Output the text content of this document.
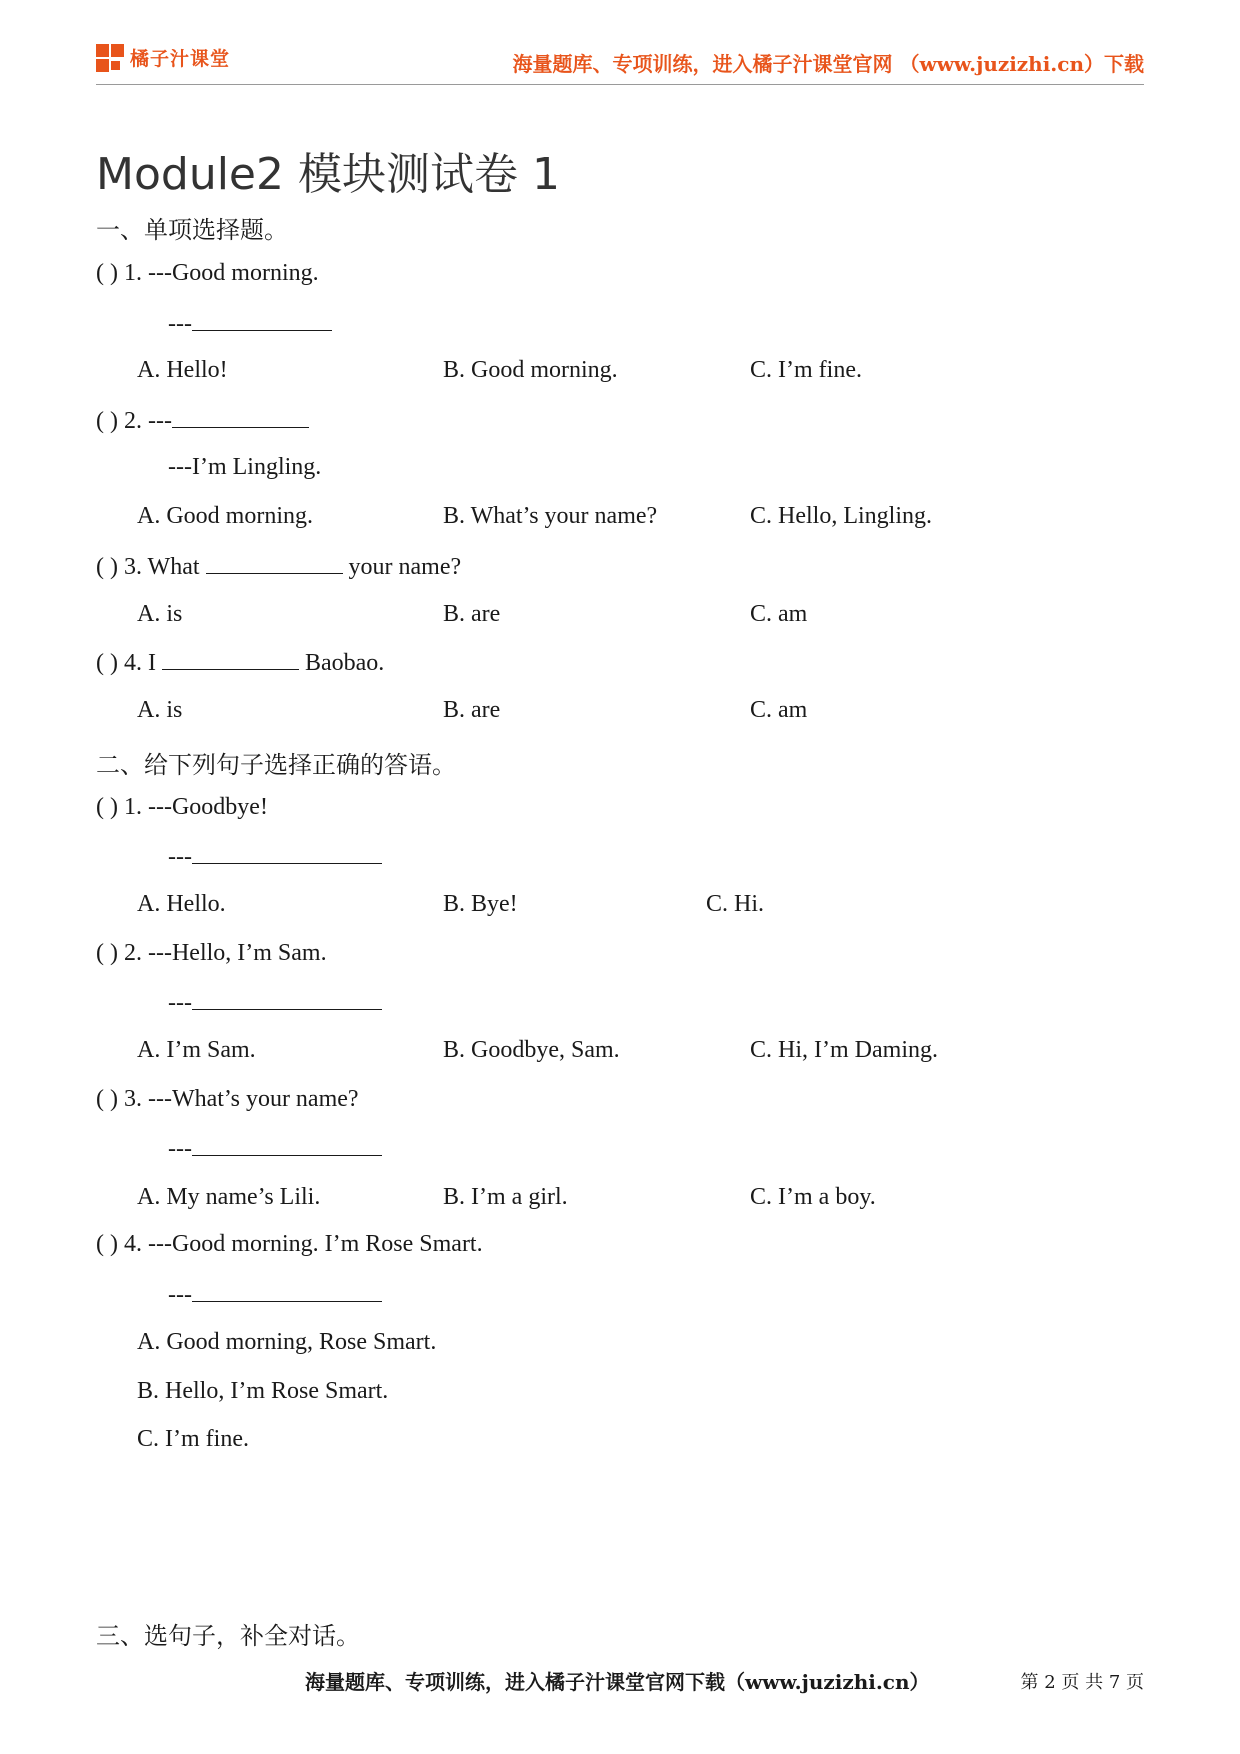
橘子汁课堂	海量题库、专项训练，进入橘子汁课堂官网 （www.juzizhi.cn）下载
Module2 模块测试卷 1
一、单项选择题。
( ) 1. ---Good morning.
---
A. Hello!	B. Good morning.	C. I’m fine.
( ) 2. ---
---I’m Lingling.
A. Good morning.	B. What’s your name?	C. Hello, Lingling.
( ) 3. What	your name?
A. is	B. are	C. am
( ) 4. I	Baobao.
A. is	B. are	C. am
二、给下列句子选择正确的答语。
( ) 1. ---Goodbye!
---
A. Hello.	B. Bye!	C. Hi.
( ) 2. ---Hello, I’m Sam.
---
A. I’m Sam.	B. Goodbye, Sam.	C. Hi, I’m Daming.
( ) 3. ---What’s your name?
---
A. My name’s Lili.	B. I’m a girl.	C. I’m a boy.
( ) 4. ---Good morning. I’m Rose Smart.
---
A. Good morning, Rose Smart.
B. Hello, I’m Rose Smart.
C. I’m fine.
三、选句子，补全对话。
海量题库、专项训练，进入橘子汁课堂官网下载（www.juzizhi.cn）	第 2 页 共 7 页
